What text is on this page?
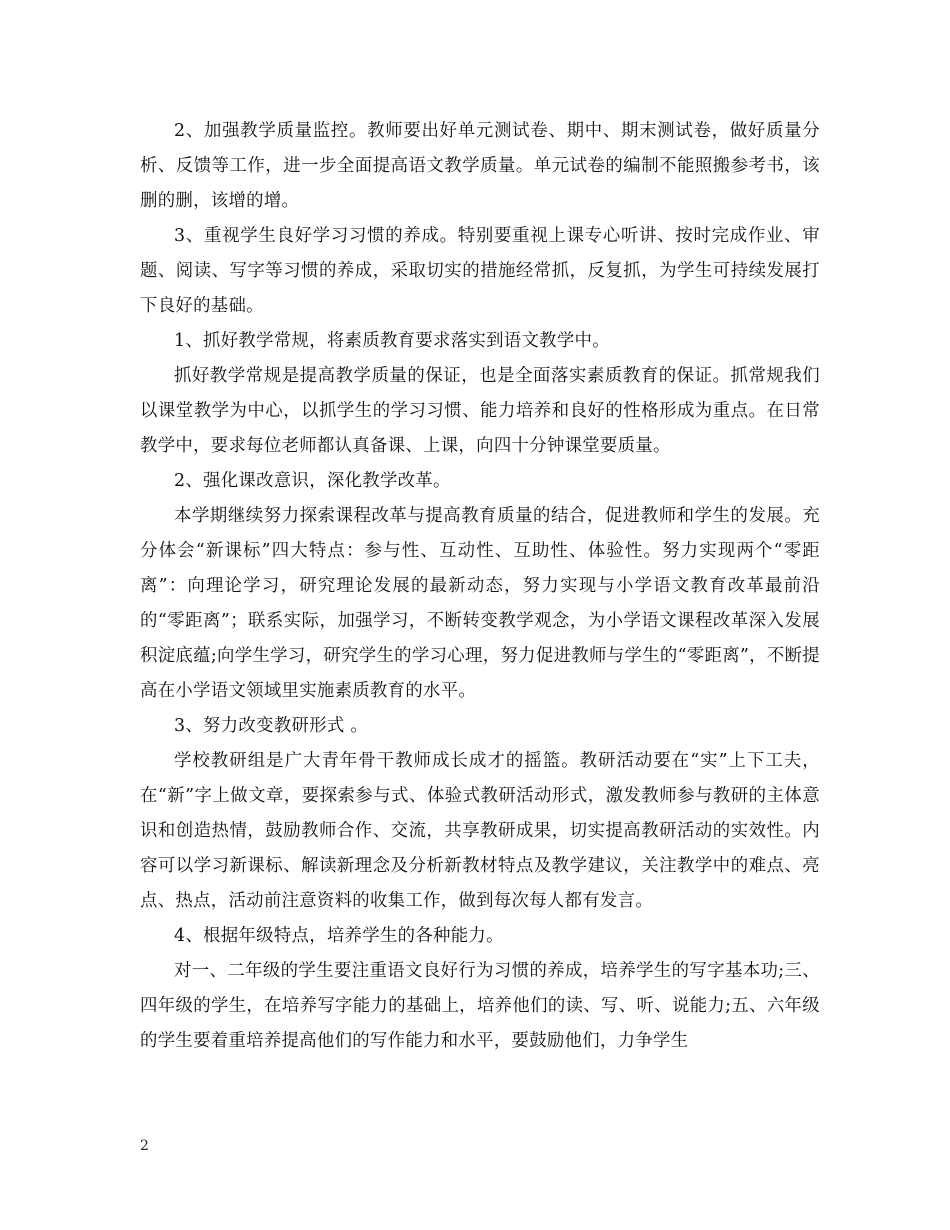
2、加强教学质量监控。教师要出好单元测试卷、期中、期末测试卷，做好质量分析、反馈等工作，进一步全面提高语文教学质量。单元试卷的编制不能照搬参考书，该删的删，该增的增。

3、重视学生良好学习习惯的养成。特别要重视上课专心听讲、按时完成作业、审题、阅读、写字等习惯的养成，采取切实的措施经常抓，反复抓，为学生可持续发展打下良好的基础。

1、抓好教学常规，将素质教育要求落实到语文教学中。

抓好教学常规是提高教学质量的保证，也是全面落实素质教育的保证。抓常规我们以课堂教学为中心，以抓学生的学习习惯、能力培养和良好的性格形成为重点。在日常教学中，要求每位老师都认真备课、上课，向四十分钟课堂要质量。

2、强化课改意识，深化教学改革。

本学期继续努力探索课程改革与提高教育质量的结合，促进教师和学生的发展。充分体会“新课标”四大特点：参与性、互动性、互助性、体验性。努力实现两个“零距离”：向理论学习，研究理论发展的最新动态，努力实现与小学语文教育改革最前沿的“零距离”；联系实际，加强学习，不断转变教学观念，为小学语文课程改革深入发展积淀底蕴;向学生学习，研究学生的学习心理，努力促进教师与学生的“零距离”，不断提高在小学语文领域里实施素质教育的水平。

3、努力改变教研形式 。

学校教研组是广大青年骨干教师成长成才的摇篮。教研活动要在“实”上下工夫，在“新”字上做文章，要探索参与式、体验式教研活动形式，激发教师参与教研的主体意识和创造热情，鼓励教师合作、交流，共享教研成果，切实提高教研活动的实效性。内容可以学习新课标、解读新理念及分析新教材特点及教学建议，关注教学中的难点、亮点、热点，活动前注意资料的收集工作，做到每次每人都有发言。

4、根据年级特点，培养学生的各种能力。

对一、二年级的学生要注重语文良好行为习惯的养成，培养学生的写字基本功;三、四年级的学生，在培养写字能力的基础上，培养他们的读、写、听、说能力;五、六年级的学生要着重培养提高他们的写作能力和水平，要鼓励他们，力争学生

2
